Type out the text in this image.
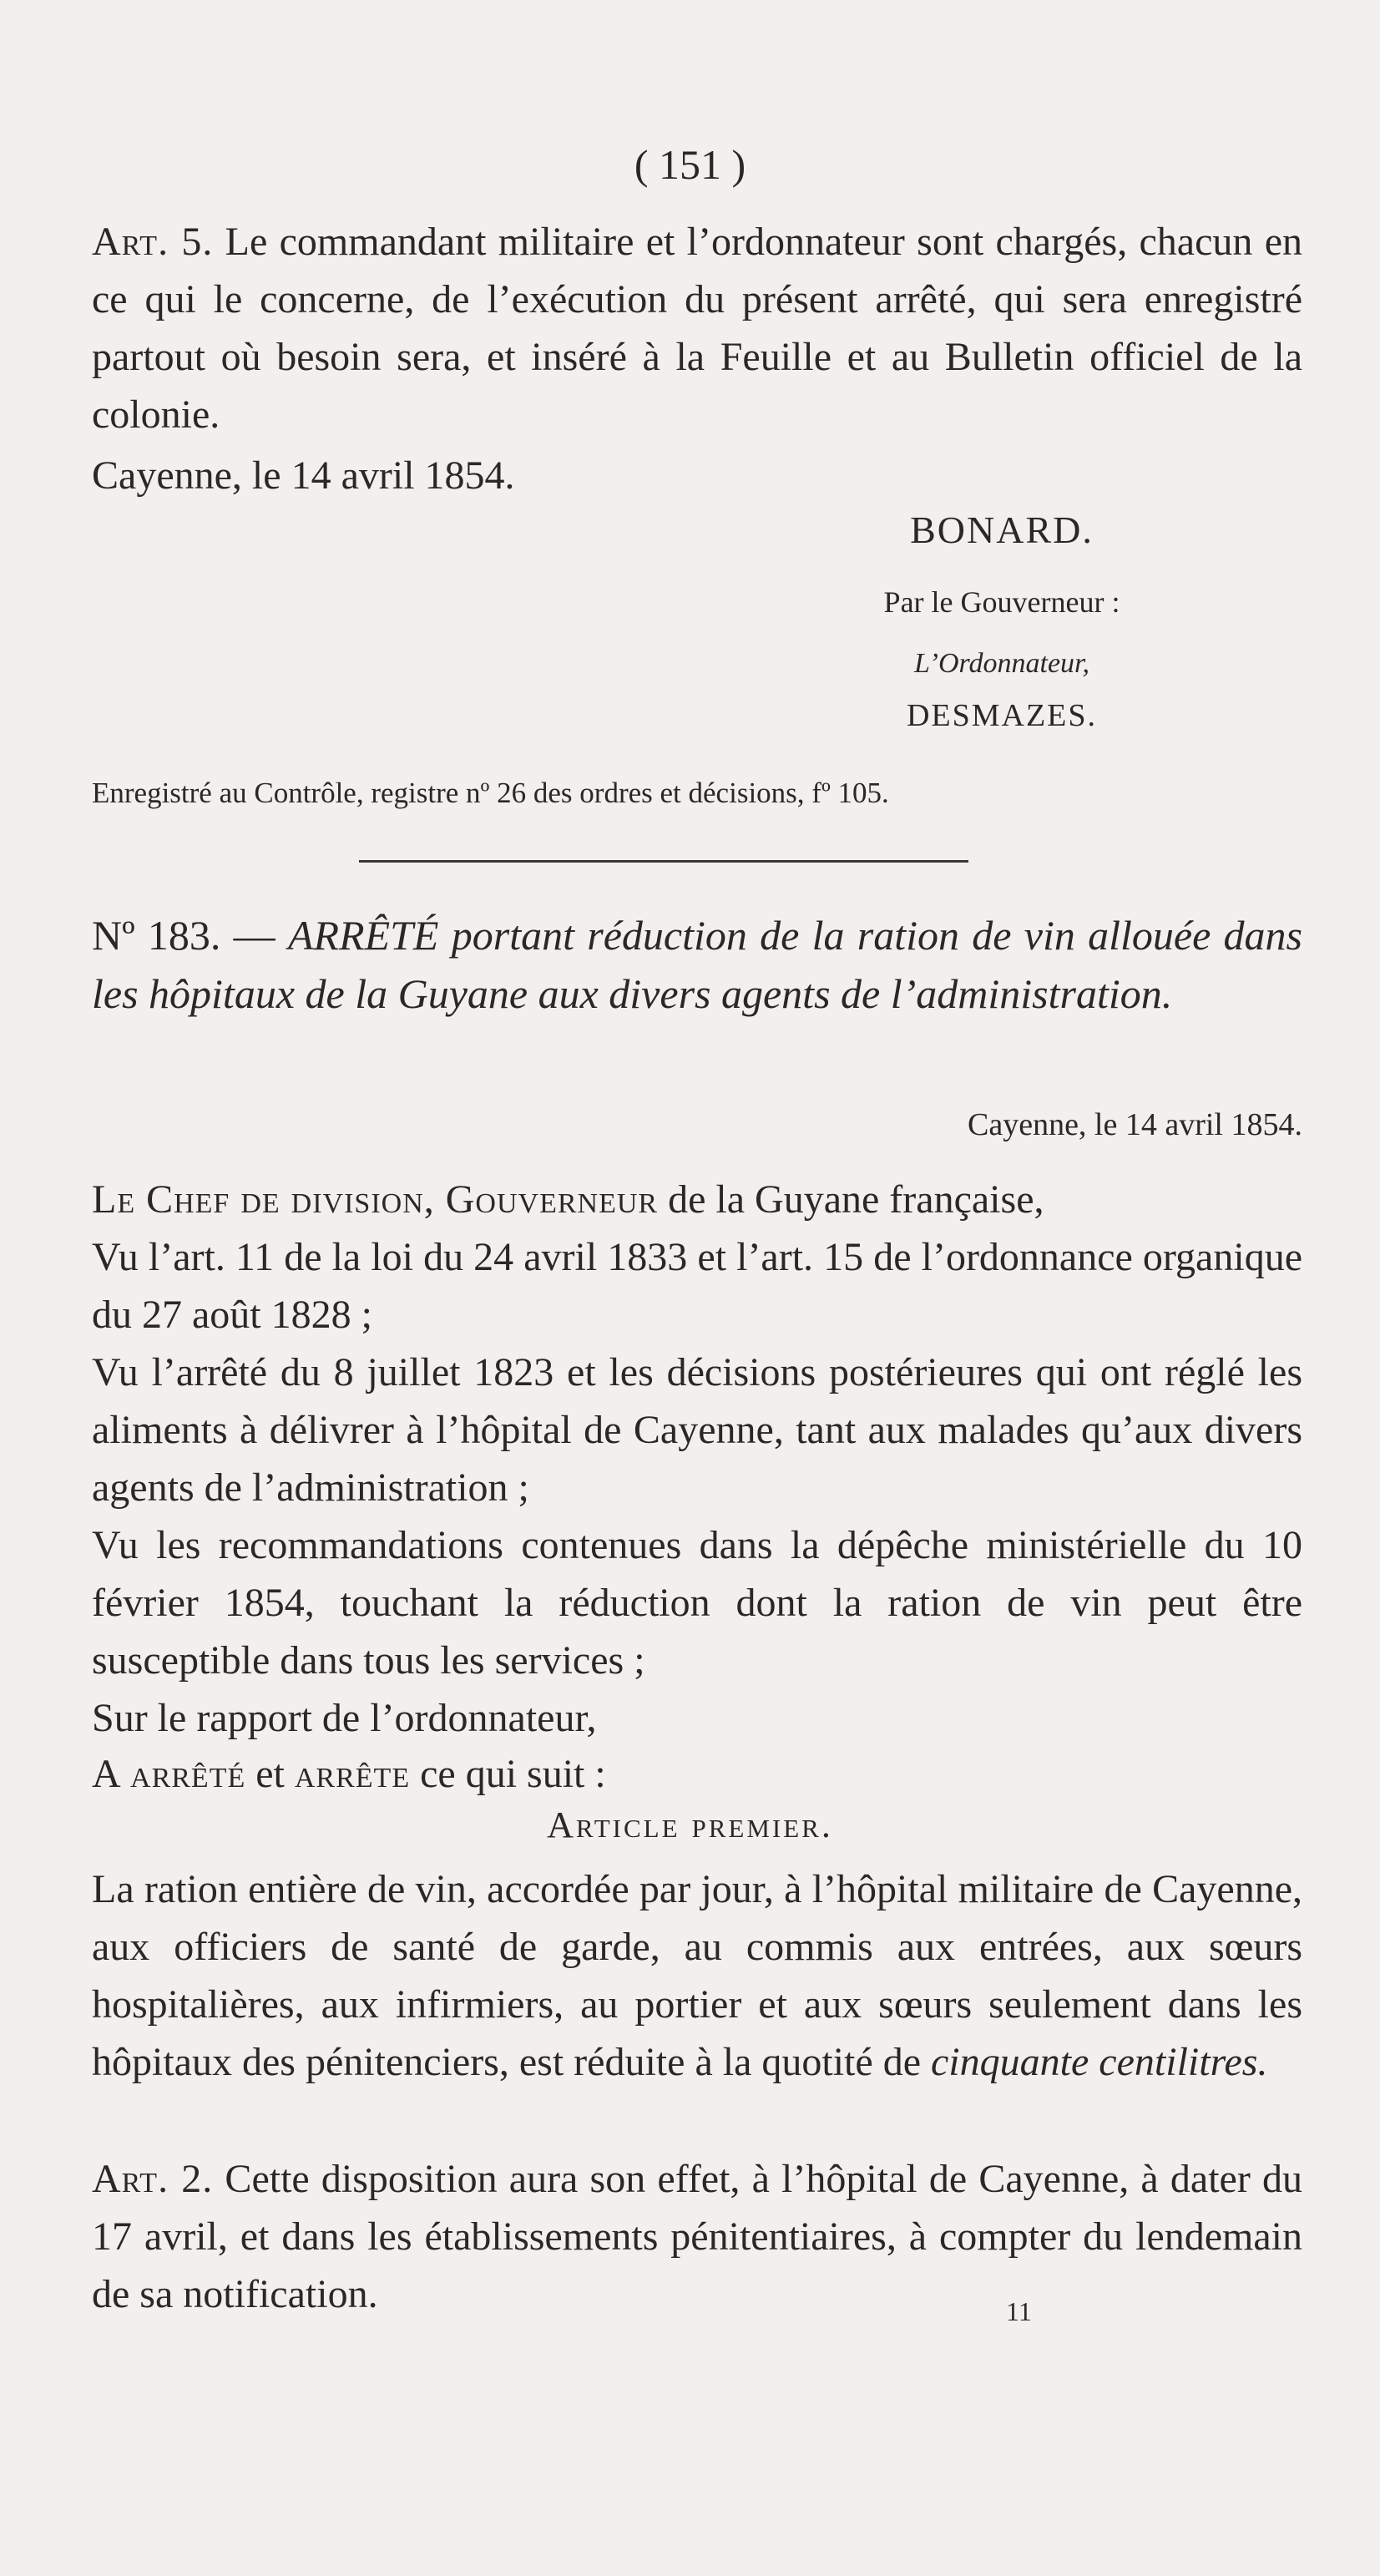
( 151 )

Art. 5. Le commandant militaire et l’ordonnateur sont chargés, chacun en ce qui le concerne, de l’exécution du présent arrêté, qui sera enregistré partout où besoin sera, et inséré à la Feuille et au Bulletin officiel de la colonie.

Cayenne, le 14 avril 1854.

BONARD.
Par le Gouverneur :
L’Ordonnateur,
DESMAZES.
Enregistré au Contrôle, registre nº 26 des ordres et décisions, fº 105.

Nº 183. — ARRÊTÉ portant réduction de la ration de vin allouée dans les hôpitaux de la Guyane aux divers agents de l’administration.

Cayenne, le 14 avril 1854.

Le Chef de division, Gouverneur de la Guyane française,

Vu l’art. 11 de la loi du 24 avril 1833 et l’art. 15 de l’ordonnance organique du 27 août 1828 ;

Vu l’arrêté du 8 juillet 1823 et les décisions postérieures qui ont réglé les aliments à délivrer à l’hôpital de Cayenne, tant aux malades qu’aux divers agents de l’administration ;

Vu les recommandations contenues dans la dépêche ministérielle du 10 février 1854, touchant la réduction dont la ration de vin peut être susceptible dans tous les services ;

Sur le rapport de l’ordonnateur,

A arrêté et arrête ce qui suit :

Article premier.

La ration entière de vin, accordée par jour, à l’hôpital militaire de Cayenne, aux officiers de santé de garde, au commis aux entrées, aux sœurs hospitalières, aux infirmiers, au portier et aux sœurs seulement dans les hôpitaux des pénitenciers, est réduite à la quotité de cinquante centilitres.

Art. 2. Cette disposition aura son effet, à l’hôpital de Cayenne, à dater du 17 avril, et dans les établissements pénitentiaires, à compter du lendemain de sa notification.	11
